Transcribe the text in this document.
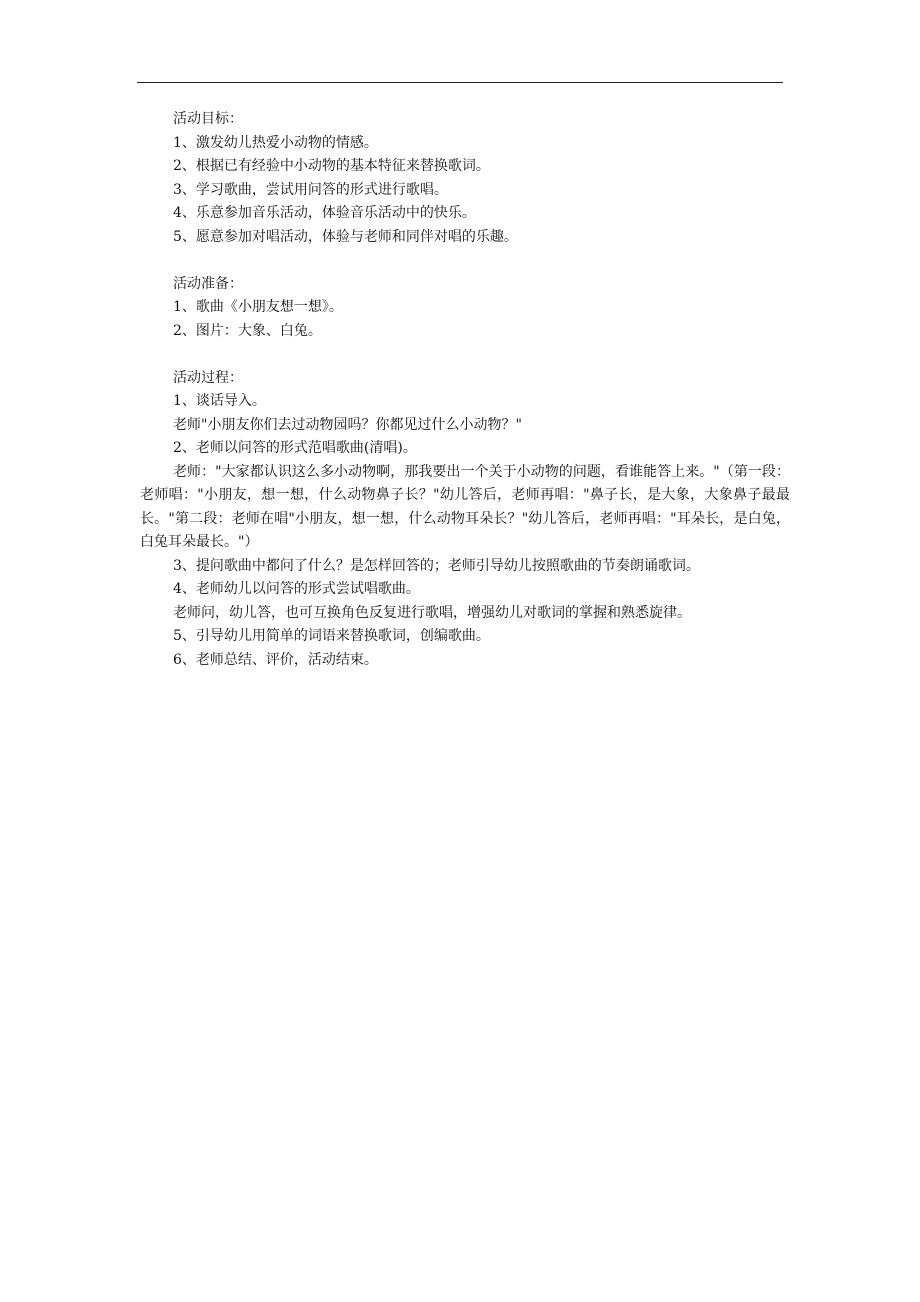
活动目标：
1、激发幼儿热爱小动物的情感。
2、根据已有经验中小动物的基本特征来替换歌词。
3、学习歌曲，尝试用问答的形式进行歌唱。
4、乐意参加音乐活动，体验音乐活动中的快乐。
5、愿意参加对唱活动，体验与老师和同伴对唱的乐趣。
活动准备：
1、歌曲《小朋友想一想》。
2、图片：大象、白兔。
活动过程：
1、谈话导入。
老师"小朋友你们去过动物园吗？你都见过什么小动物？"
2、老师以问答的形式范唱歌曲(清唱)。
老师："大家都认识这么多小动物啊，那我要出一个关于小动物的问题，看谁能答上来。"（第一段：老师唱："小朋友，想一想，什么动物鼻子长？"幼儿答后，老师再唱："鼻子长，是大象，大象鼻子最最长。"第二段：老师在唱"小朋友，想一想，什么动物耳朵长？"幼儿答后，老师再唱："耳朵长，是白兔，白兔耳朵最长。"）
3、提问歌曲中都问了什么？是怎样回答的；老师引导幼儿按照歌曲的节奏朗诵歌词。
4、老师幼儿以问答的形式尝试唱歌曲。
老师问，幼儿答，也可互换角色反复进行歌唱，增强幼儿对歌词的掌握和熟悉旋律。
5、引导幼儿用简单的词语来替换歌词，创编歌曲。
6、老师总结、评价，活动结束。
